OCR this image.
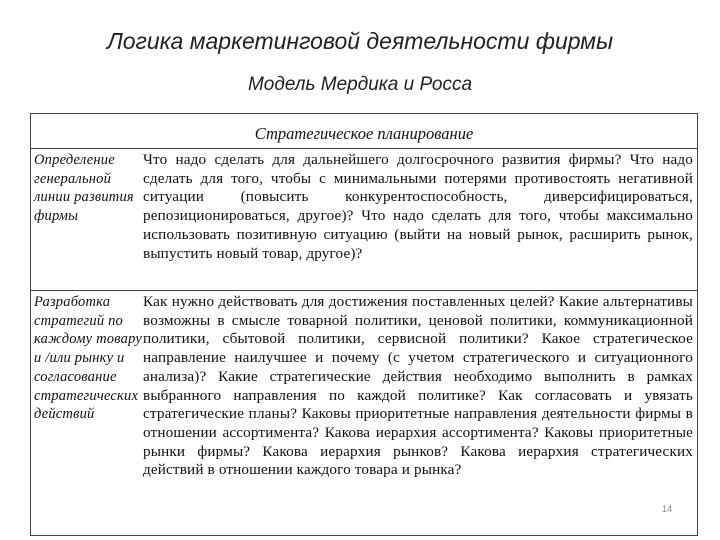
Логика маркетинговой деятельности фирмы
Модель Мердика и Росса
Стратегическое планирование
Определение генеральной линии развития фирмы
Что надо сделать для дальнейшего долгосрочного развития фирмы? Что надо сделать для того, чтобы с минимальными потерями противостоять негативной ситуации (повысить конкурентоспособность, диверсифицироваться, репозиционироваться, другое)? Что надо сделать для того, чтобы максимально использовать позитивную ситуацию (выйти на новый рынок, расширить рынок, выпустить новый товар, другое)?
Разработка стратегий по каждому товару и /или рынку и согласование стратегических действий
Как нужно действовать для достижения поставленных целей? Какие альтернативы возможны в смысле товарной политики, ценовой политики, коммуникационной политики, сбытовой политики, сервисной политики? Какое стратегическое направление наилучшее и почему (с учетом стратегического и ситуационного анализа)? Какие стратегические действия необходимо выполнить в рамках выбранного направления по каждой политике? Как согласовать и увязать стратегические планы? Каковы приоритетные направления деятельности фирмы в отношении ассортимента? Какова иерархия ассортимента? Каковы приоритетные рынки фирмы? Какова иерархия рынков? Какова иерархия стратегических действий в отношении каждого товара и рынка?
14
